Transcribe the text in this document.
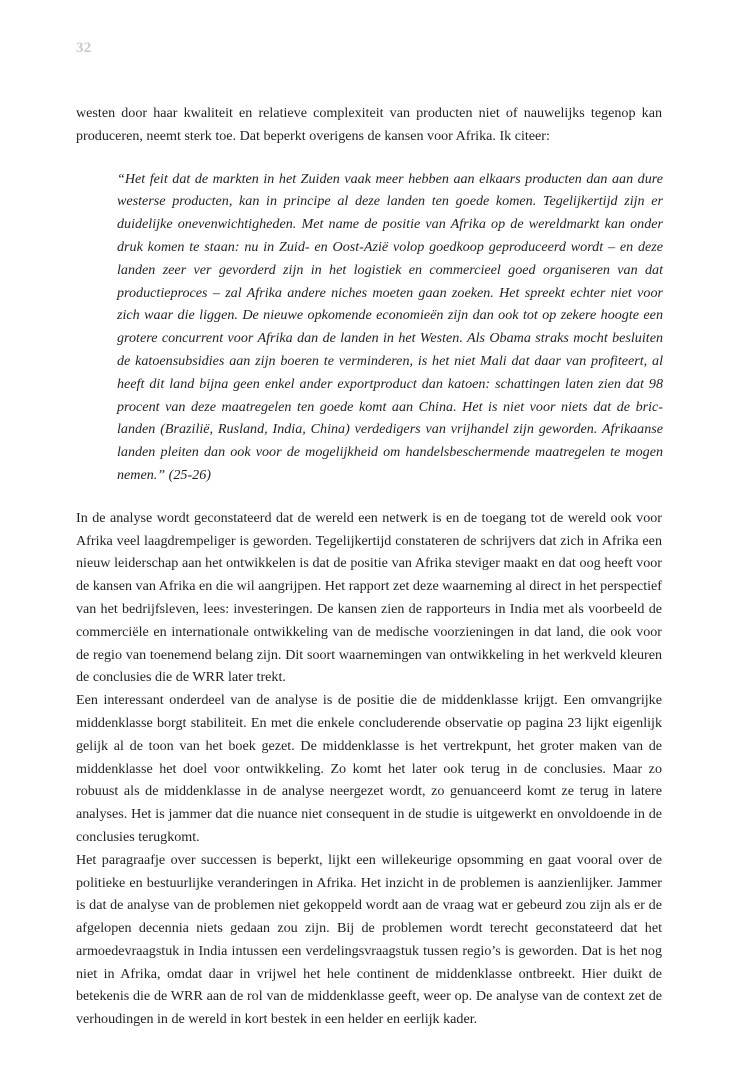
32

westen door haar kwaliteit en relatieve complexiteit van producten niet of nauwelijks tegenop kan produceren, neemt sterk toe. Dat beperkt overigens de kansen voor Afrika. Ik citeer:

“Het feit dat de markten in het Zuiden vaak meer hebben aan elkaars producten dan aan dure westerse producten, kan in principe al deze landen ten goede komen. Tegelijkertijd zijn er duidelijke onevenwichtigheden. Met name de positie van Afrika op de wereldmarkt kan onder druk komen te staan: nu in Zuid- en Oost-Azië volop goedkoop geproduceerd wordt – en deze landen zeer ver gevorderd zijn in het logistiek en commercieel goed organiseren van dat productieproces – zal Afrika andere niches moeten gaan zoeken. Het spreekt echter niet voor zich waar die liggen. De nieuwe opkomende economieën zijn dan ook tot op zekere hoogte een grotere concurrent voor Afrika dan de landen in het Westen. Als Obama straks mocht besluiten de katoensubsidies aan zijn boeren te verminderen, is het niet Mali dat daar van profiteert, al heeft dit land bijna geen enkel ander exportproduct dan katoen: schattingen laten zien dat 98 procent van deze maatregelen ten goede komt aan China. Het is niet voor niets dat de bric-landen (Brazilië, Rusland, India, China) verdedigers van vrijhandel zijn geworden. Afrikaanse landen pleiten dan ook voor de mogelijkheid om handelsbeschermende maatregelen te mogen nemen.” (25-26)

In de analyse wordt geconstateerd dat de wereld een netwerk is en de toegang tot de wereld ook voor Afrika veel laagdrempeliger is geworden. Tegelijkertijd constateren de schrijvers dat zich in Afrika een nieuw leiderschap aan het ontwikkelen is dat de positie van Afrika steviger maakt en dat oog heeft voor de kansen van Afrika en die wil aangrijpen. Het rapport zet deze waarneming al direct in het perspectief van het bedrijfsleven, lees: investeringen. De kansen zien de rapporteurs in India met als voorbeeld de commerciële en internationale ontwikkeling van de medische voorzieningen in dat land, die ook voor de regio van toenemend belang zijn. Dit soort waarnemingen van ontwikkeling in het werkveld kleuren de conclusies die de WRR later trekt.

Een interessant onderdeel van de analyse is de positie die de middenklasse krijgt. Een omvangrijke middenklasse borgt stabiliteit. En met die enkele concluderende observatie op pagina 23 lijkt eigenlijk gelijk al de toon van het boek gezet. De middenklasse is het vertrekpunt, het groter maken van de middenklasse het doel voor ontwikkeling. Zo komt het later ook terug in de conclusies. Maar zo robuust als de middenklasse in de analyse neergezet wordt, zo genuanceerd komt ze terug in latere analyses. Het is jammer dat die nuance niet consequent in de studie is uitgewerkt en onvoldoende in de conclusies terugkomt.

Het paragraafje over successen is beperkt, lijkt een willekeurige opsomming en gaat vooral over de politieke en bestuurlijke veranderingen in Afrika. Het inzicht in de problemen is aanzienlijker. Jammer is dat de analyse van de problemen niet gekoppeld wordt aan de vraag wat er gebeurd zou zijn als er de afgelopen decennia niets gedaan zou zijn. Bij de problemen wordt terecht geconstateerd dat het armoedevraagstuk in India intussen een verdelingsvraagstuk tussen regio’s is geworden. Dat is het nog niet in Afrika, omdat daar in vrijwel het hele continent de middenklasse ontbreekt. Hier duikt de betekenis die de WRR aan de rol van de middenklasse geeft, weer op. De analyse van de context zet de verhoudingen in de wereld in kort bestek in een helder en eerlijk kader.
